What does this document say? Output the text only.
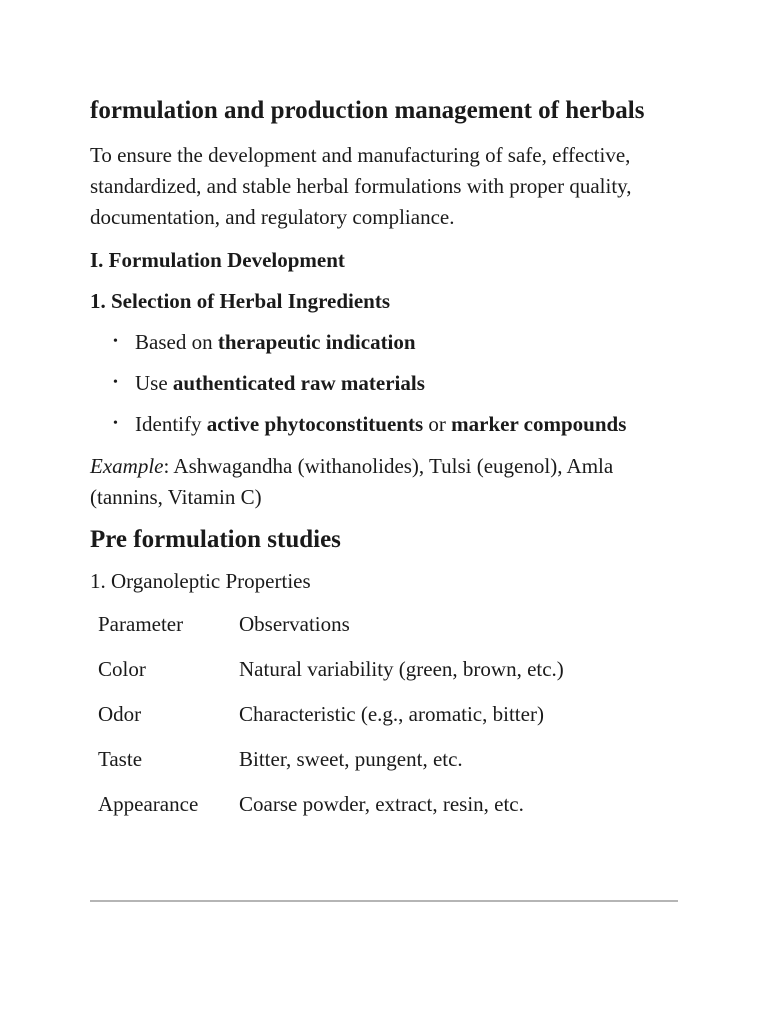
formulation and production management of herbals

To ensure the development and manufacturing of safe, effective, standardized, and stable herbal formulations with proper quality, documentation, and regulatory compliance.

I. Formulation Development
1. Selection of Herbal Ingredients
• Based on therapeutic indication
• Use authenticated raw materials
• Identify active phytoconstituents or marker compounds

Example: Ashwagandha (withanolides), Tulsi (eugenol), Amla (tannins, Vitamin C)

Pre formulation studies
1. Organoleptic Properties
Parameter	Observations
Color	Natural variability (green, brown, etc.)
Odor	Characteristic (e.g., aromatic, bitter)
Taste	Bitter, sweet, pungent, etc.
Appearance	Coarse powder, extract, resin, etc.
